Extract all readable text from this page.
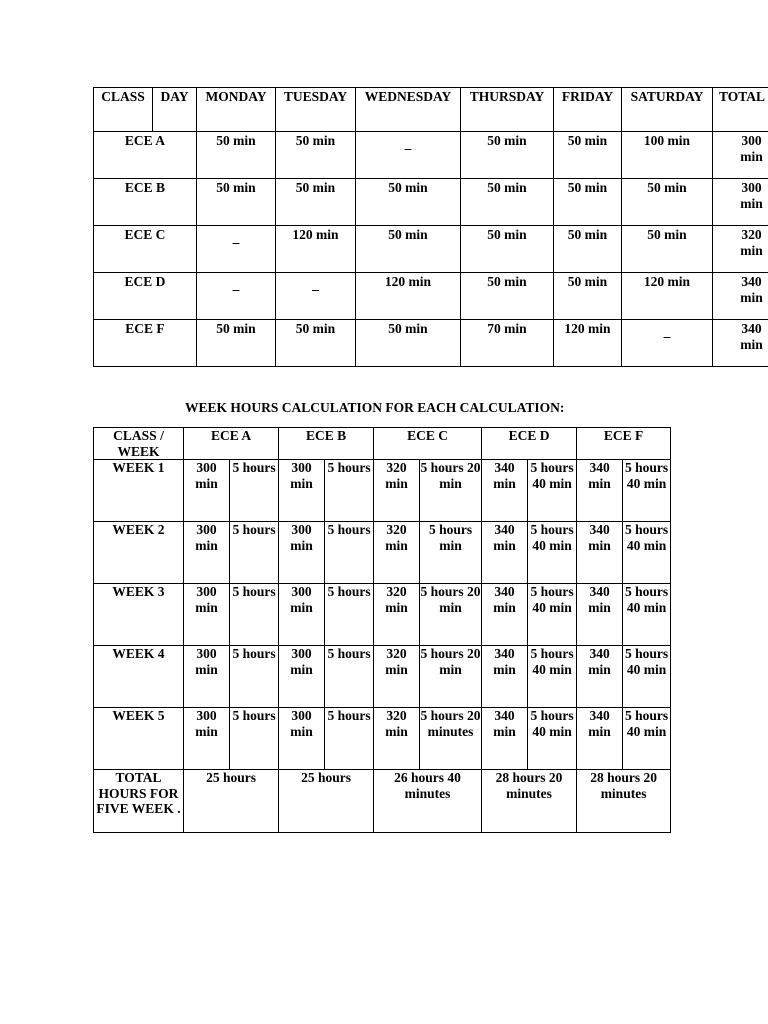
CLASS	DAY	MONDAY	TUESDAY	WEDNESDAY	THURSDAY	FRIDAY	SATURDAY	TOTAL
ECE A		50 min	50 min	_	50 min	50 min	100 min	300 min
ECE B		50 min	50 min	50 min	50 min	50 min	50 min	300 min
ECE C		_	120 min	50 min	50 min	50 min	50 min	320 min
ECE D		_	_	120 min	50 min	50 min	120 min	340 min
ECE F		50 min	50 min	50 min	70 min	120 min	_	340 min
WEEK HOURS CALCULATION FOR EACH CALCULATION:
CLASS / WEEK	ECE A		ECE B		ECE C		ECE D		ECE F	
WEEK 1	300 min	5 hours	300 min	5 hours	320 min	5 hours 20 min	340 min	5 hours 40 min	340 min	5 hours 40 min
WEEK 2	300 min	5 hours	300 min	5 hours	320 min	5 hours min	340 min	5 hours 40 min	340 min	5 hours 40 min
WEEK 3	300 min	5 hours	300 min	5 hours	320 min	5 hours 20 min	340 min	5 hours 40 min	340 min	5 hours 40 min
WEEK 4	300 min	5 hours	300 min	5 hours	320 min	5 hours 20 min	340 min	5 hours 40 min	340 min	5 hours 40 min
WEEK 5	300 min	5 hours	300 min	5 hours	320 min	5 hours 20 minutes	340 min	5 hours 40 min	340 min	5 hours 40 min
TOTAL HOURS FOR FIVE WEEK .	25 hours		25 hours		26 hours 40 minutes		28 hours 20 minutes		28 hours 20 minutes	
